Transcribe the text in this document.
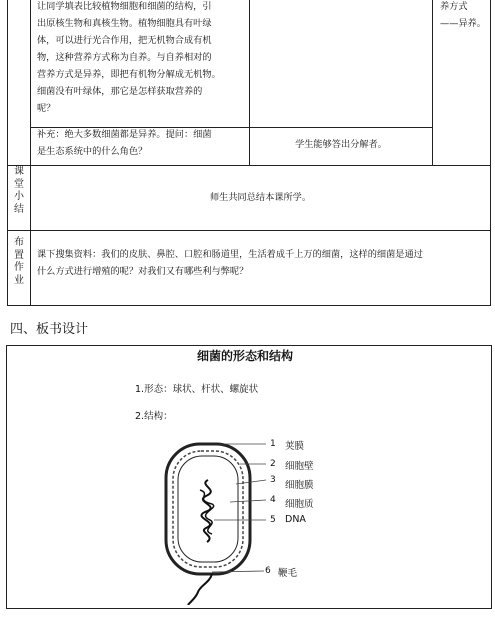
让同学填表比较植物细胞和细菌的结构，引
出原核生物和真核生物。植物细胞具有叶绿
体，可以进行光合作用，把无机物合成有机
物，这种营养方式称为自养。与自养相对的
营养方式是异养，即把有机物分解成无机物。
细菌没有叶绿体，那它是怎样获取营养的
呢？
养方式
——异养。
补充：绝大多数细菌都是异养。提问：细菌
是生态系统中的什么角色？
学生能够答出分解者。
课堂小结
师生共同总结本课所学。
布置作业
课下搜集资料：我们的皮肤、鼻腔、口腔和肠道里，生活着成千上万的细菌，这样的细菌是通过
什么方式进行增殖的呢？对我们又有哪些利与弊呢？
四、板书设计
细菌的形态和结构
1.形态：球状、杆状、螺旋状
2.结构：
1 荚膜
2 细胞壁
3 细胞膜
4 细胞质
5 DNA
6 鞭毛
